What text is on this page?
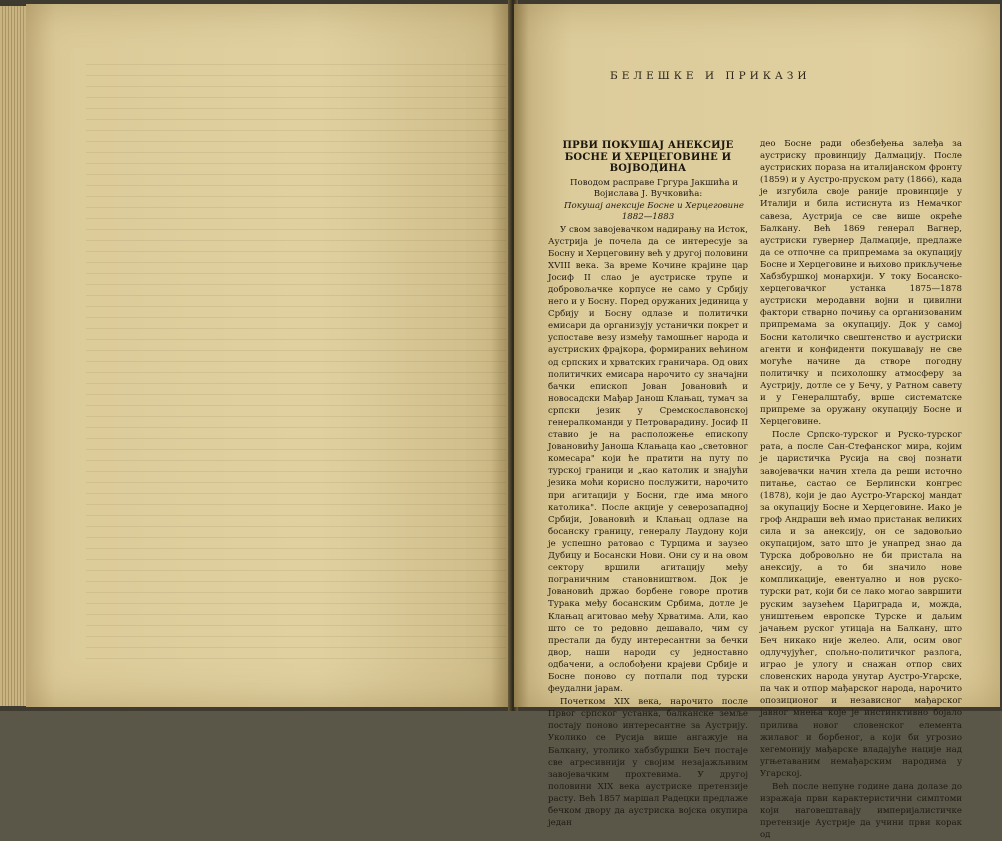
БЕЛЕШКЕ И ПРИКАЗИ
ПРВИ ПОКУШАЈ АНЕКСИЈЕ БОСНЕ И ХЕРЦЕГОВИНЕ И ВОЈВОДИНА

Поводом расправе Гргура Јакшића и Војислава Ј. Вучковића:

Покушај анексије Босне и Херцеговине 1882—1883

У свом завојевачком надирању на Исток, Аустрија је почела да се интересује за Босну и Херцеговину већ у другој половини XVIII века. За време Кочине крајине цар Јосиф II слао је аустриске трупе и добровољачке корпусе не само у Србију него и у Босну. Поред оружаних јединица у Србију и Босну одлазе и политички емисари да организују устанички покрет и успоставе везу између тамошњег народа и аустриских фрајкора, формираних већином од српских и хрватских граничара. Од ових политичких емисара нарочито су значајни бачки епископ Јован Јовановић и новосадски Мађар Јанош Клањац, тумач за српски језик у Сремскославонској генералкоманди у Петроварадину. Јосиф II ставио је на расположење епископу Јовановићу Јаноша Клањаца као „световног комесара" који ће пратити на путу по турској граници и „као католик и знајући језика моћи корисно послужити, нарочито при агитацији у Босни, где има много католика". После акције у северозападној Србији, Јовановић и Клањац одлазе на босанску границу, генералу Лаудону који је успешно ратовао с Турцима и заузео Дубицу и Босански Нови. Они су и на овом сектору вршили агитацију међу пограничним становништвом. Док је Јовановић држао борбене говоре против Турака међу босанским Србима, дотле је Клањац агитовао међу Хрватима. Али, као што се то редовно дешавало, чим су престали да буду интересантни за бечки двор, наши народи су једноставно одбачени, а ослобођени крајеви Србије и Босне поново су потпали под турски феудални јарам.

Почетком XIX века, нарочито после Првог српског устанка, балканске земље постају поново интересантне за Аустрију. Уколико се Русија више ангажује на Балкану, утолико хабзбуршки Беч постаје све агресивнији у својим незајажљивим завојевачким прохтевима. У другој половини XIX века аустриске претензије расту. Већ 1857 маршал Радецки предлаже бечком двору да аустриска војска окупира један

део Босне ради обезбеђења залеђа за аустриску провинцију Далмацију. После аустриских пораза на италијанском фронту (1859) и у Аустро-пруском рату (1866), када је изгубила своје раније провинције у Италији и била истиснута из Немачког савеза, Аустрија се све више окреће Балкану. Већ 1869 генерал Вагнер, аустриски гувернер Далмације, предлаже да се отпочне са припремама за окупацију Босне и Херцеговине и њихово прикључење Хабзбуршкој монархији. У току Босанско-херцеговачког устанка 1875—1878 аустриски меродавни војни и цивилни фактори стварно почињу са организованим припремама за окупацију. Док у самој Босни католичко свештенство и аустриски агенти и конфиденти покушавају не све могуће начине да створе погодну политичку и психолошку атмосферу за Аустрију, дотле се у Бечу, у Ратном савету и у Генералштабу, врше систематске припреме за оружану окупацију Босне и Херцеговине.

После Српско-турског и Руско-турског рата, а после Сан-Стефанског мира, којим је царистичка Русија на свој познати завојевачки начин хтела да реши источно питање, састао се Берлински конгрес (1878), који је дао Аустро-Угарској мандат за окупацију Босне и Херцеговине. Иако је гроф Андраши већ имао пристанак великих сила и за анексију, он се задовољио окупацијом, зато што је унапред знао да Турска добровољно не би пристала на анексију, а то би значило нове компликације, евентуално и нов руско-турски рат, који би се лако могао завршити руским заузећем Цариграда и, можда, уништењем европске Турске и даљим јачањем руског утицаја на Балкану, што Беч никако није желео. Али, осим овог одлучујућег, спољно-политичког разлога, играо је улогу и снажан отпор свих словенских народа унутар Аустро-Угарске, па чак и отпор мађарског народа, нарочито опозиционог и независног мађарског јавног мнења које је инстинктивно бојало прилива новог словенског елемента жилавог и борбеног, а који би угрозио хегемонију мађарске владајуће нације над угњетаваним немађарским народима у Угарској.

Већ после непуне године дана долазе до изражаја први карактеристични симптоми који наговештавају империјалистичке претензије Аустрије да учини први корак од
